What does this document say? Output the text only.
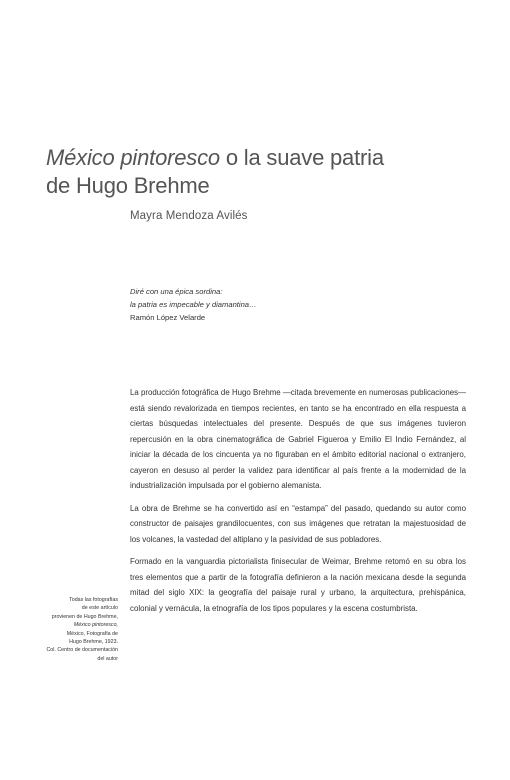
México pintoresco o la suave patria
de Hugo Brehme

Mayra Mendoza Avilés

Diré con una épica sordina:
la patria es impecable y diamantina…
Ramón López Velarde

La producción fotográfica de Hugo Brehme —citada brevemente en numerosas publicaciones— está siendo revalorizada en tiempos recientes, en tanto se ha encontrado en ella respuesta a ciertas búsquedas intelectuales del presente. Después de que sus imágenes tuvieron repercusión en la obra cinematográfica de Gabriel Figueroa y Emilio El Indio Fernández, al iniciar la década de los cincuenta ya no figuraban en el ámbito editorial nacional o extranjero, cayeron en desuso al perder la validez para identificar al país frente a la modernidad de la industrialización impulsada por el gobierno alemanista.

La obra de Brehme se ha convertido así en “estampa” del pasado, quedando su autor como constructor de paisajes grandilocuentes, con sus imágenes que retratan la majestuosidad de los volcanes, la vastedad del altiplano y la pasividad de sus pobladores.

Formado en la vanguardia pictorialista finisecular de Weimar, Brehme retomó en su obra los tres elementos que a partir de la fotografía definieron a la nación mexicana desde la segunda mitad del siglo XIX: la geografía del paisaje rural y urbano, la arquitectura, prehispánica, colonial y vernácula, la etnografía de los tipos populares y la escena costumbrista.

Todas las fotografías
de este artículo
provienen de Hugo Brehme,
México pintoresco,
México, Fotografía de
Hugo Brehme, 1923.
Col. Centro de documentación
del autor
